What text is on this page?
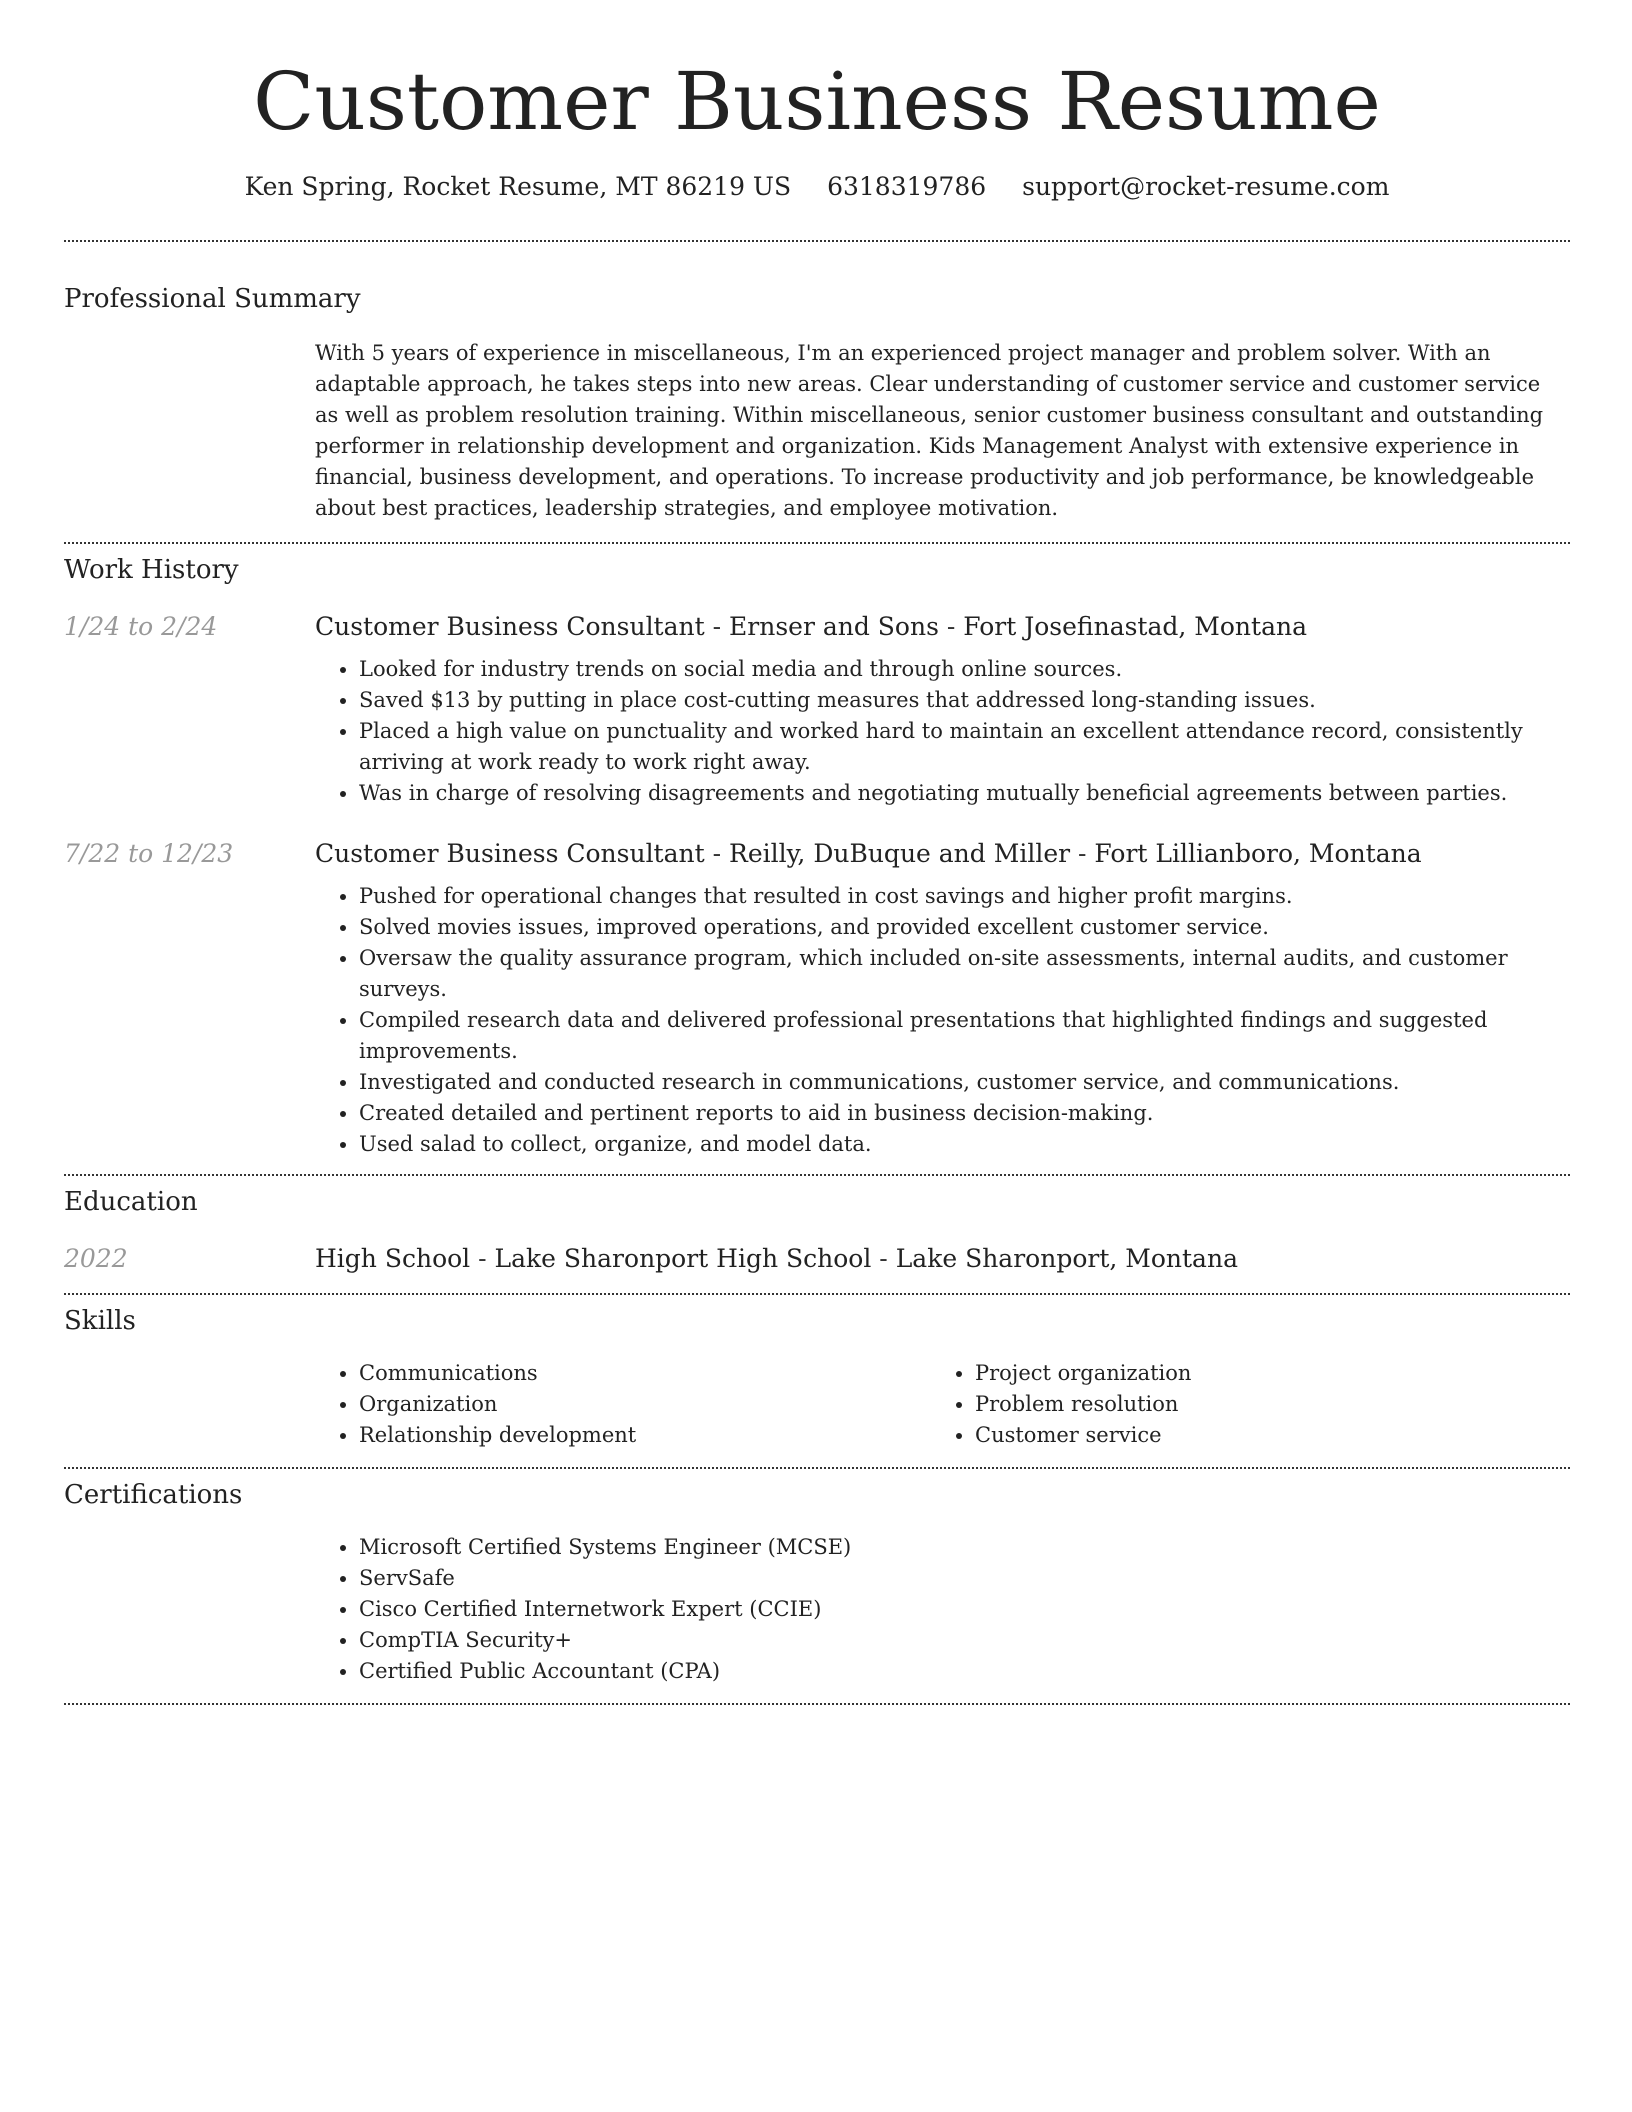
Customer Business Resume
Ken Spring, Rocket Resume, MT 86219 US 6318319786 support@rocket-resume.com
Professional Summary

With 5 years of experience in miscellaneous, I'm an experienced project manager and problem solver. With an adaptable approach, he takes steps into new areas. Clear understanding of customer service and customer service as well as problem resolution training. Within miscellaneous, senior customer business consultant and outstanding performer in relationship development and organization. Kids Management Analyst with extensive experience in financial, business development, and operations. To increase productivity and job performance, be knowledgeable about best practices, leadership strategies, and employee motivation.

Work History
1/24 to 2/24	Customer Business Consultant - Ernser and Sons - Fort Josefinastad, Montana
• Looked for industry trends on social media and through online sources.
• Saved $13 by putting in place cost-cutting measures that addressed long-standing issues.
• Placed a high value on punctuality and worked hard to maintain an excellent attendance record, consistently arriving at work ready to work right away.
• Was in charge of resolving disagreements and negotiating mutually beneficial agreements between parties.
7/22 to 12/23	Customer Business Consultant - Reilly, DuBuque and Miller - Fort Lillianboro, Montana
• Pushed for operational changes that resulted in cost savings and higher profit margins.
• Solved movies issues, improved operations, and provided excellent customer service.
• Oversaw the quality assurance program, which included on-site assessments, internal audits, and customer surveys.
• Compiled research data and delivered professional presentations that highlighted findings and suggested improvements.
• Investigated and conducted research in communications, customer service, and communications.
• Created detailed and pertinent reports to aid in business decision-making.
• Used salad to collect, organize, and model data.
Education
2022	High School - Lake Sharonport High School - Lake Sharonport, Montana
Skills
• Communications
• Organization
• Relationship development
• Project organization
• Problem resolution
• Customer service
Certifications
• Microsoft Certified Systems Engineer (MCSE)
• ServSafe
• Cisco Certified Internetwork Expert (CCIE)
• CompTIA Security+
• Certified Public Accountant (CPA)
